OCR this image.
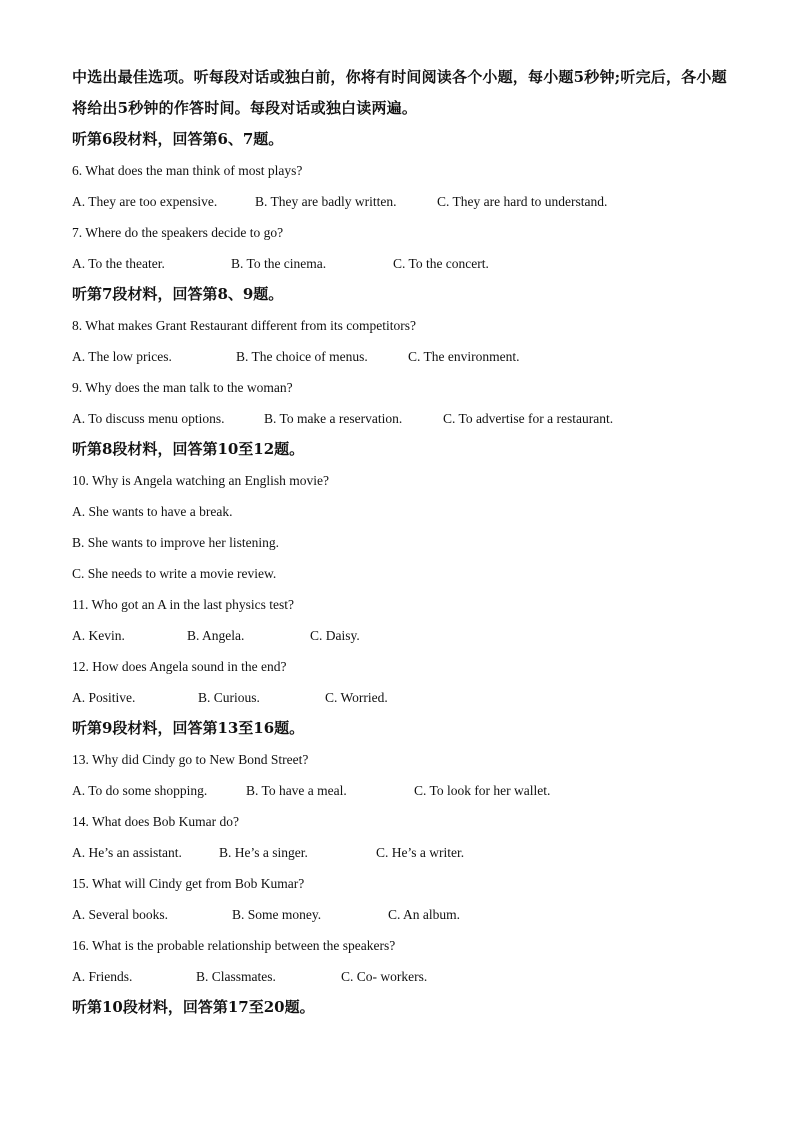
中选出最佳选项。听每段对话或独白前，你将有时间阅读各个小题，每小题5秒钟;听完后，各小题将给出5秒钟的作答时间。每段对话或独白读两遍。
听第6段材料，回答第6、7题。
6. What does the man think of most plays?
A. They are too expensive.	B. They are badly written.	C. They are hard to understand.
7. Where do the speakers decide to go?
A. To the theater.	B. To the cinema.	C. To the concert.
听第7段材料，回答第8、9题。
8. What makes Grant Restaurant different from its competitors?
A. The low prices.	B. The choice of menus.	C. The environment.
9. Why does the man talk to the woman?
A. To discuss menu options.	B. To make a reservation.	C. To advertise for a restaurant.
听第8段材料，回答第10至12题。
10. Why is Angela watching an English movie?
A. She wants to have a break.
B. She wants to improve her listening.
C. She needs to write a movie review.
11. Who got an A in the last physics test?
A. Kevin.	B. Angela.	C. Daisy.
12. How does Angela sound in the end?
A. Positive.	B. Curious.	C. Worried.
听第9段材料，回答第13至16题。
13. Why did Cindy go to New Bond Street?
A. To do some shopping.	B. To have a meal.	C. To look for her wallet.
14. What does Bob Kumar do?
A. He’s an assistant.	B. He’s a singer.	C. He’s a writer.
15. What will Cindy get from Bob Kumar?
A. Several books.	B. Some money.	C. An album.
16. What is the probable relationship between the speakers?
A. Friends.	B. Classmates.	C. Co- workers.
听第10段材料，回答第17至20题。
